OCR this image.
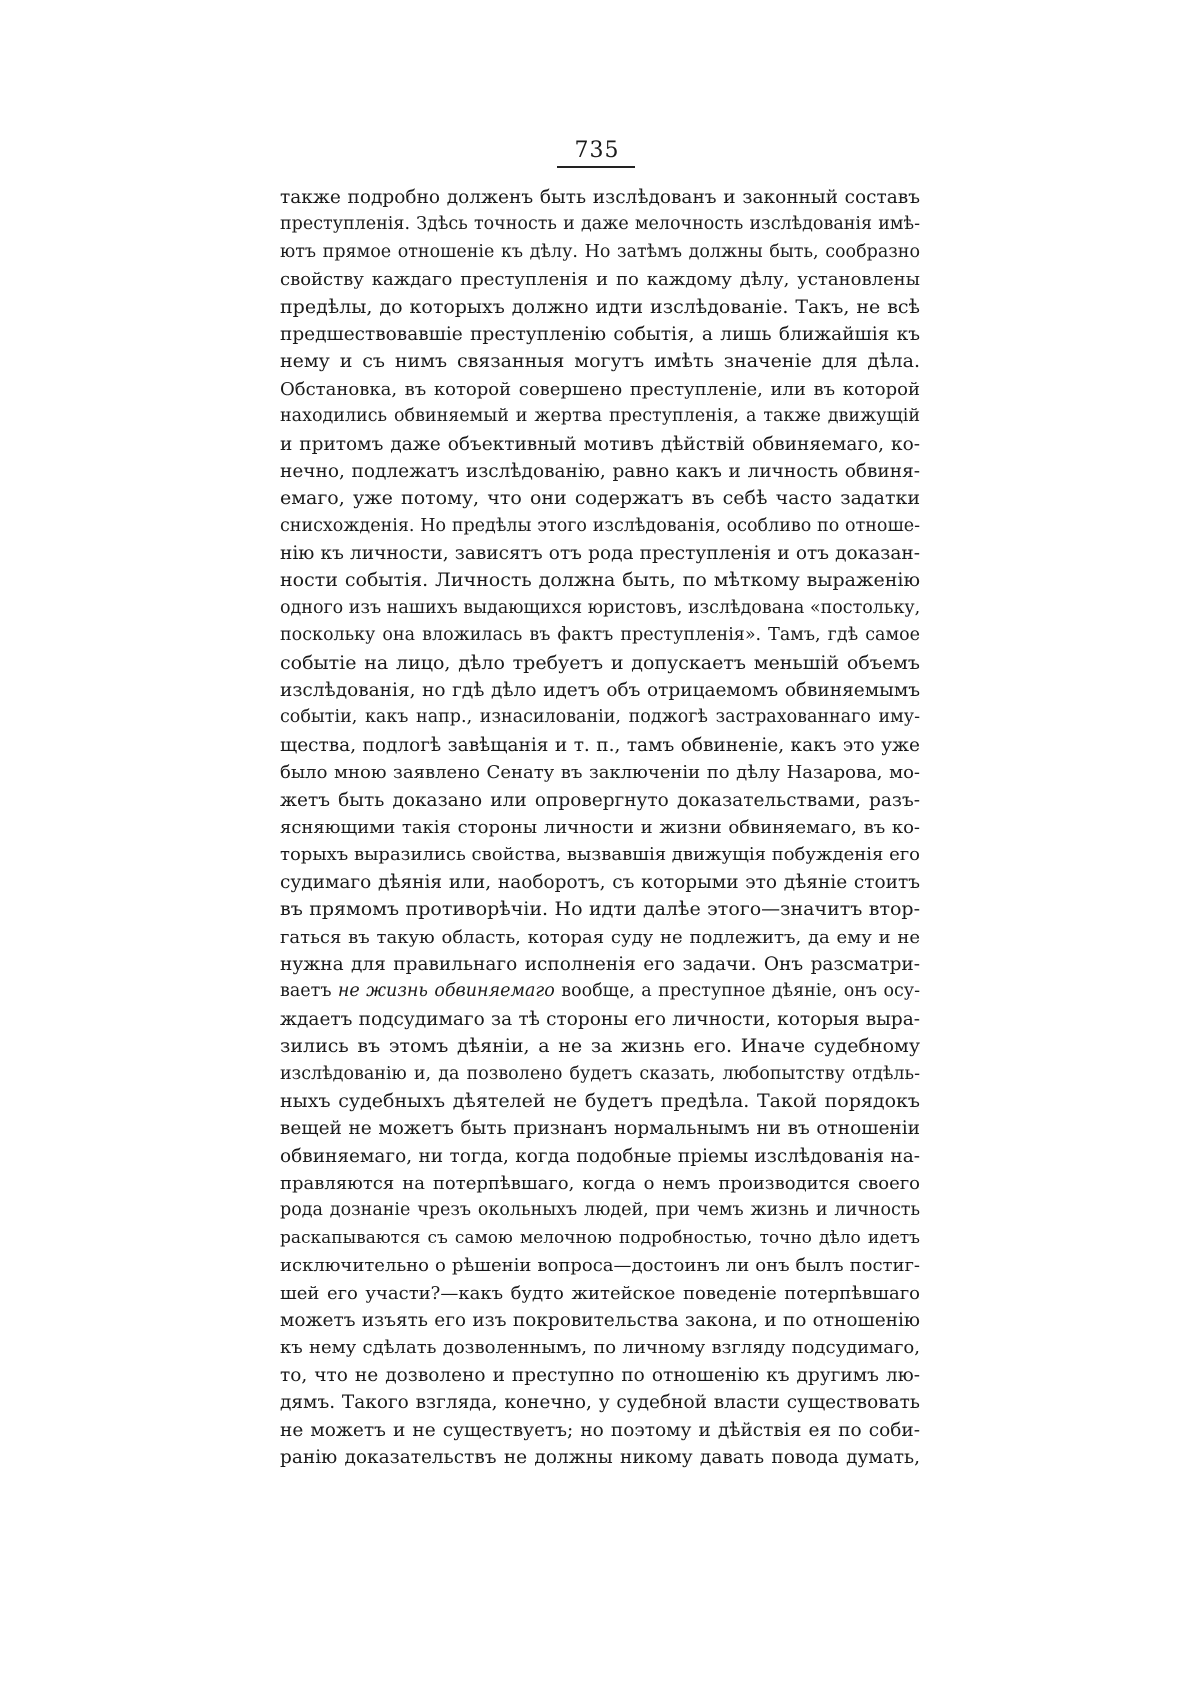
735
также подробно долженъ быть изслѣдованъ и законный составъ
преступленія. Здѣсь точность и даже мелочность изслѣдованія имѣ-
ютъ прямое отношеніе къ дѣлу. Но затѣмъ должны быть, сообразно
свойству каждаго преступленія и по каждому дѣлу, установлены
предѣлы, до которыхъ должно идти изслѣдованіе. Такъ, не всѣ
предшествовавшіе преступленію событія, а лишь ближайшія къ
нему и съ нимъ связанныя могутъ имѣть значеніе для дѣла.
Обстановка, въ которой совершено преступленіе, или въ которой
находились обвиняемый и жертва преступленія, а также движущій
и притомъ даже объективный мотивъ дѣйствій обвиняемаго, ко-
нечно, подлежатъ изслѣдованію, равно какъ и личность обвиня-
емаго, уже потому, что они содержатъ въ себѣ часто задатки
снисхожденія. Но предѣлы этого изслѣдованія, особливо по отноше-
нію къ личности, зависятъ отъ рода преступленія и отъ доказан-
ности событія. Личность должна быть, по мѣткому выраженію
одного изъ нашихъ выдающихся юристовъ, изслѣдована «постольку,
поскольку она вложилась въ фактъ преступленія». Тамъ, гдѣ самое
событіе на лицо, дѣло требуетъ и допускаетъ меньшій объемъ
изслѣдованія, но гдѣ дѣло идетъ объ отрицаемомъ обвиняемымъ
событіи, какъ напр., изнасилованіи, поджогѣ застрахованнаго иму-
щества, подлогѣ завѣщанія и т. п., тамъ обвиненіе, какъ это уже
было мною заявлено Сенату въ заключеніи по дѣлу Назарова, мо-
жетъ быть доказано или опровергнуто доказательствами, разъ-
ясняющими такія стороны личности и жизни обвиняемаго, въ ко-
торыхъ выразились свойства, вызвавшія движущія побужденія его
судимаго дѣянія или, наоборотъ, съ которыми это дѣяніе стоитъ
въ прямомъ противорѣчіи. Но идти далѣе этого—значитъ втор-
гаться въ такую область, которая суду не подлежитъ, да ему и не
нужна для правильнаго исполненія его задачи. Онъ разсматри-
ваетъ не жизнь обвиняемаго вообще, а преступное дѣяніе, онъ осу-
ждаетъ подсудимаго за тѣ стороны его личности, которыя выра-
зились въ этомъ дѣяніи, а не за жизнь его. Иначе судебному
изслѣдованію и, да позволено будетъ сказать, любопытству отдѣль-
ныхъ судебныхъ дѣятелей не будетъ предѣла. Такой порядокъ
вещей не можетъ быть признанъ нормальнымъ ни въ отношеніи
обвиняемаго, ни тогда, когда подобные пріемы изслѣдованія на-
правляются на потерпѣвшаго, когда о немъ производится своего
рода дознаніе чрезъ окольныхъ людей, при чемъ жизнь и личность
раскапываются съ самою мелочною подробностью, точно дѣло идетъ
исключительно о рѣшеніи вопроса—достоинъ ли онъ былъ постиг-
шей его участи?—какъ будто житейское поведеніе потерпѣвшаго
можетъ изъять его изъ покровительства закона, и по отношенію
къ нему сдѣлать дозволеннымъ, по личному взгляду подсудимаго,
то, что не дозволено и преступно по отношенію къ другимъ лю-
дямъ. Такого взгляда, конечно, у судебной власти существовать
не можетъ и не существуетъ; но поэтому и дѣйствія ея по соби-
ранію доказательствъ не должны никому давать повода думать,
